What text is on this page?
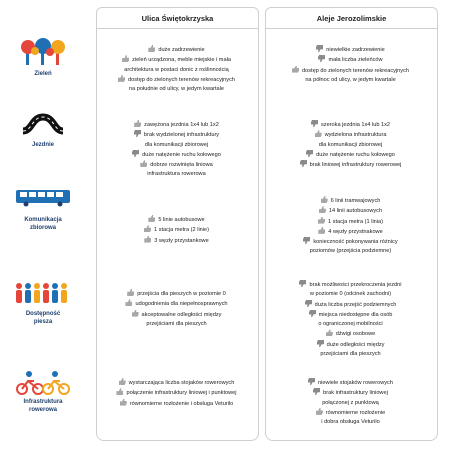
Ulica Świętokrzyska	Aleje Jerozolimskie
Zieleń
Jezdnie
Komunikacja
zbiorowa
Dostępność
piesza
Infrastruktura
rowerowa
duże zadrzewienie
zieleń urządzona, meble miejskie i mała
architektura w postaci donic z roślinnością
dostęp do zielonych terenów rekreacyjnych
na południe od ulicy, w jedym kwartale
niewielkie zadrzewienie
mała liczba zieleńców
dostęp do zielonych terenów rekreacyjnych
na północ od ulicy, w jedym kwartale
zawężona jezdnia 1x4 lub 1x2
brak wydzielonej infrastruktury
dla komunikacji zbiorowej
duże natężenie ruchu kołowego
dobrze rozwinięta liniowa
infrastruktura rowerowa
szeroka jezdnia 1x4 lub 1x2
wydzielona infrastruktura
dla komunikacji zbiorowej
duże natężenie ruchu kołowego
brak liniowej infrastruktury rowerowej
5 linie autobusowe
1 stacja metra (2 linie)
3 węzły przystankowe
6 linii tramwajowych
14 linii autobusowych
1 stacja metra (1 linia)
4 węzły przystnakowe
konieczność pokonywania różnicy
poziomów (przejścia podziemne)
przejścia dla pieszych w poziomie 0
udogodnienia dla niepełnosprawnych
akceptowalne odległości między
przejściami dla pieszych
brak możliwości przekroczenia jezdni
w poziomie 0 (odcinek zachodni)
duża liczba przejść podziemnych
miejsca niedostępne dla osób
o ograniczonej mobilności
dźwigi osobowe
duże odległości między
przejściami dla pieszych
wystarczająca liczba stojaków rowerowych
połączenie infrastruktury liniowej i punktowej
równomierne rozłożenie i obsługa Veturilo
niewiele stojaków rowerowych
brak infrastruktury liniowej
połączonej z punktową
równomierne rozłożenie
i dobra obsługa Veturilo
